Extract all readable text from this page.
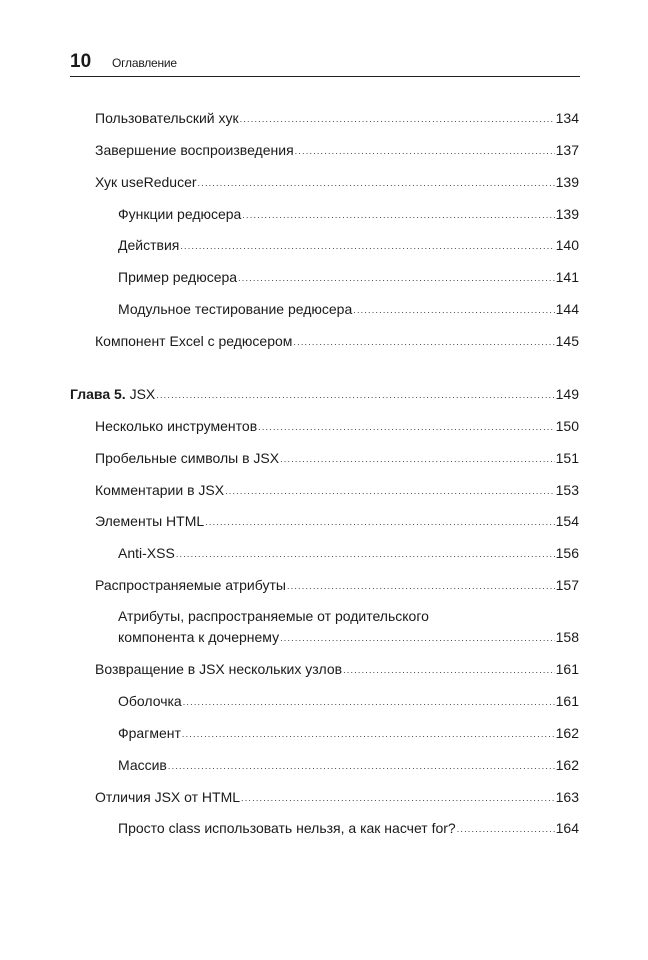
10 Оглавление
Пользовательский хук .....	134
Завершение воспроизведения .....	137
Хук useReducer .....	139
Функции редюсера .....	139
Действия .....	140
Пример редюсера .....	141
Модульное тестирование редюсера .....	144
Компонент Excel с редюсером .....	145
Глава 5. JSX .....	149
Несколько инструментов .....	150
Пробельные символы в JSX .....	151
Комментарии в JSX .....	153
Элементы HTML .....	154
Anti-XSS .....	156
Распространяемые атрибуты .....	157
Атрибуты, распространяемые от родительского
компонента к дочернему .....	158
Возвращение в JSX нескольких узлов .....	161
Оболочка .....	161
Фрагмент .....	162
Массив .....	162
Отличия JSX от HTML .....	163
Просто class использовать нельзя, а как насчет for? .....	164
